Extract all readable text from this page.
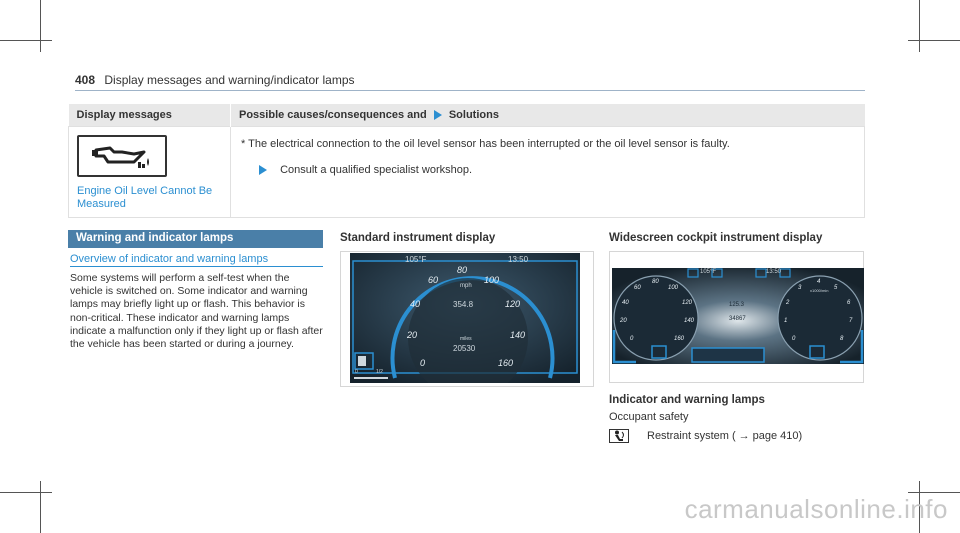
408 Display messages and warning/indicator lamps
Display messages	Possible causes/consequences and Solutions

Engine Oil Level Cannot Be Measured	* The electrical connection to the oil level sensor has been interrupted or the oil level sensor is faulty.
Consult a qualified specialist workshop.
Warning and indicator lamps
Overview of indicator and warning lamps
Some systems will perform a self-test when the vehicle is switched on. Some indicator and warning lamps may briefly light up or flash. This behavior is non-critical. These indicator and warning lamps indicate a malfunction only if they light up or flash after the vehicle has been started or during a journey.
Standard instrument display
105°F	13:50
0
20
40
60
80
100
120
140
160
mph
354.8
miles
20530
0	1/2
Widescreen cockpit instrument display
105°F	13:50
0
20
40
60
80
100
120
140
160	0
1
2
3
4
5
6
7
8
x1000/min
125.3
34867
Indicator and warning lamps
Occupant safety
Restraint system ( → page 410 )
carmanualsonline.info
